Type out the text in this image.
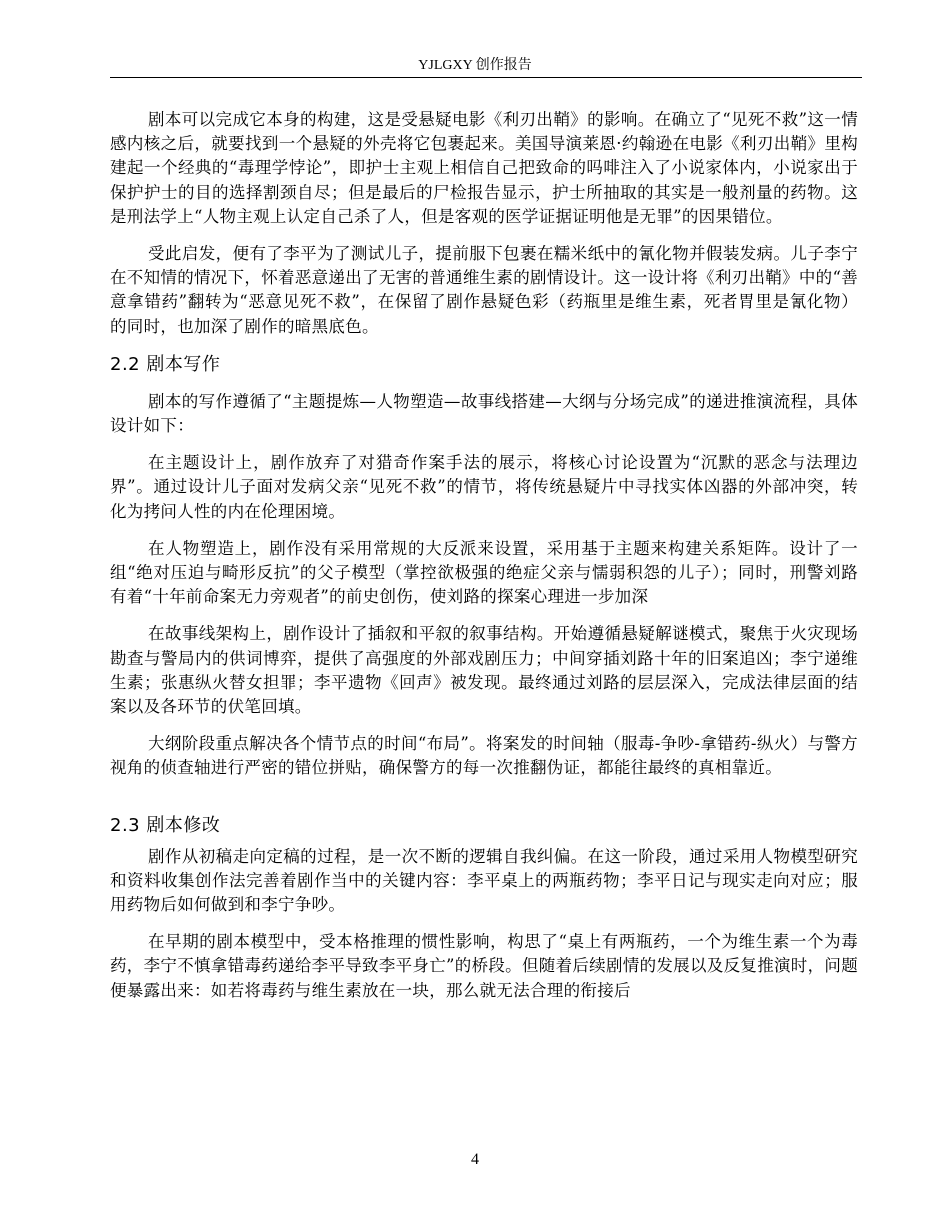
YJLGXY 创作报告

剧本可以完成它本身的构建，这是受悬疑电影《利刃出鞘》的影响。在确立了“见死不救”这一情感内核之后，就要找到一个悬疑的外壳将它包裹起来。美国导演莱恩·约翰逊在电影《利刃出鞘》里构建起一个经典的“毒理学悖论”，即护士主观上相信自己把致命的吗啡注入了小说家体内，小说家出于保护护士的目的选择割颈自尽；但是最后的尸检报告显示，护士所抽取的其实是一般剂量的药物。这是刑法学上“人物主观上认定自己杀了人，但是客观的医学证据证明他是无罪”的因果错位。

受此启发，便有了李平为了测试儿子，提前服下包裹在糯米纸中的氰化物并假装发病。儿子李宁在不知情的情况下，怀着恶意递出了无害的普通维生素的剧情设计。这一设计将《利刃出鞘》中的“善意拿错药”翻转为“恶意见死不救”，在保留了剧作悬疑色彩（药瓶里是维生素，死者胃里是氰化物）的同时，也加深了剧作的暗黑底色。

2.2 剧本写作

剧本的写作遵循了“主题提炼—人物塑造—故事线搭建—大纲与分场完成”的递进推演流程，具体设计如下：

在主题设计上，剧作放弃了对猎奇作案手法的展示，将核心讨论设置为“沉默的恶念与法理边界”。通过设计儿子面对发病父亲“见死不救”的情节，将传统悬疑片中寻找实体凶器的外部冲突，转化为拷问人性的内在伦理困境。

在人物塑造上，剧作没有采用常规的大反派来设置，采用基于主题来构建关系矩阵。设计了一组“绝对压迫与畸形反抗”的父子模型（掌控欲极强的绝症父亲与懦弱积怨的儿子）；同时，刑警刘路有着“十年前命案无力旁观者”的前史创伤，使刘路的探案心理进一步加深

在故事线架构上，剧作设计了插叙和平叙的叙事结构。开始遵循悬疑解谜模式，聚焦于火灾现场勘查与警局内的供词博弈，提供了高强度的外部戏剧压力；中间穿插刘路十年的旧案追凶；李宁递维生素；张惠纵火替女担罪；李平遗物《回声》被发现。最终通过刘路的层层深入，完成法律层面的结案以及各环节的伏笔回填。

大纲阶段重点解决各个情节点的时间“布局”。将案发的时间轴（服毒-争吵-拿错药-纵火）与警方视角的侦查轴进行严密的错位拼贴，确保警方的每一次推翻伪证，都能往最终的真相靠近。

2.3 剧本修改

剧作从初稿走向定稿的过程，是一次不断的逻辑自我纠偏。在这一阶段，通过采用人物模型研究和资料收集创作法完善着剧作当中的关键内容：李平桌上的两瓶药物；李平日记与现实走向对应；服用药物后如何做到和李宁争吵。

在早期的剧本模型中，受本格推理的惯性影响，构思了“桌上有两瓶药，一个为维生素一个为毒药，李宁不慎拿错毒药递给李平导致李平身亡”的桥段。但随着后续剧情的发展以及反复推演时，问题便暴露出来：如若将毒药与维生素放在一块，那么就无法合理的衔接后

4
